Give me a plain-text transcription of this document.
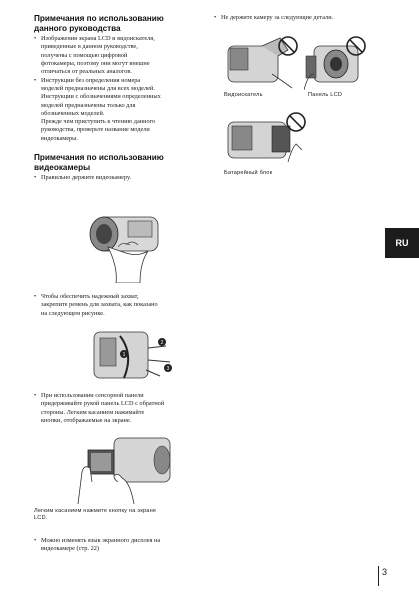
Примечания по использованию
данного руководства
• Изображения экрана LCD и видоискателя,
приведенные в данном руководстве,
получены с помощью цифровой
фотокамеры, поэтому они могут внешне
отличаться от реальных аналогов.
• Инструкции без определения номера
моделей предназначены для всех моделей.
Инструкции с обозначениями определенных
моделей предназначены только для
обозначенных моделей.
Прежде чем приступить к чтению данного
руководства, проверьте название модели
видеокамеры.
Примечания по использованию
видеокамеры
• Правильно держите видеокамеру.
• Чтобы обеспечить надежный захват,
закрепите ремень для захвата, как показано
на следующем рисунке.
2
1
3
• При использовании сенсорной панели
придерживайте рукой панель LCD с обратной
стороны. Легким касанием нажимайте
кнопки, отображаемые на экране.
Легким касанием нажмите кнопку на экране
LCD.
• Можно изменять язык экранного дисплея на
видеокамере (стр. 22)
• Не держите камеру за следующие детали.
Видоискатель	Панель LCD
Батарейный блок
RU
3
